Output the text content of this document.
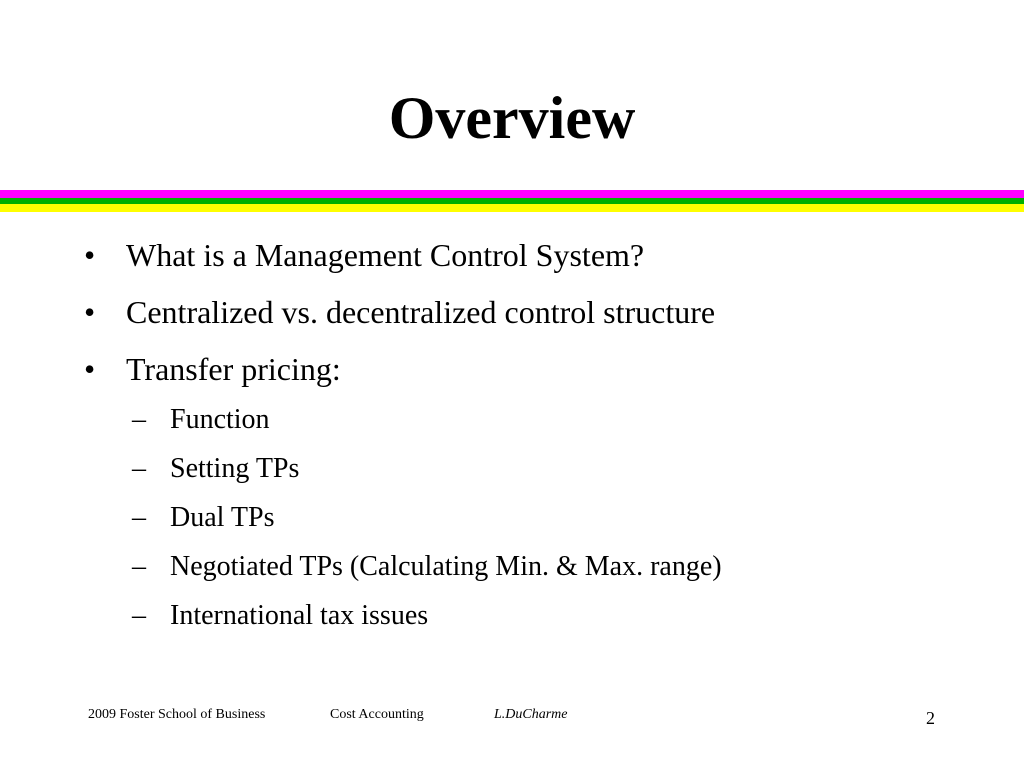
Overview
• What is a Management Control System?
• Centralized vs. decentralized control structure
• Transfer pricing:
– Function
– Setting TPs
– Dual TPs
– Negotiated TPs (Calculating Min. & Max. range)
– International tax issues
2009 Foster School of Business	Cost Accounting	L.DuCharme	2
